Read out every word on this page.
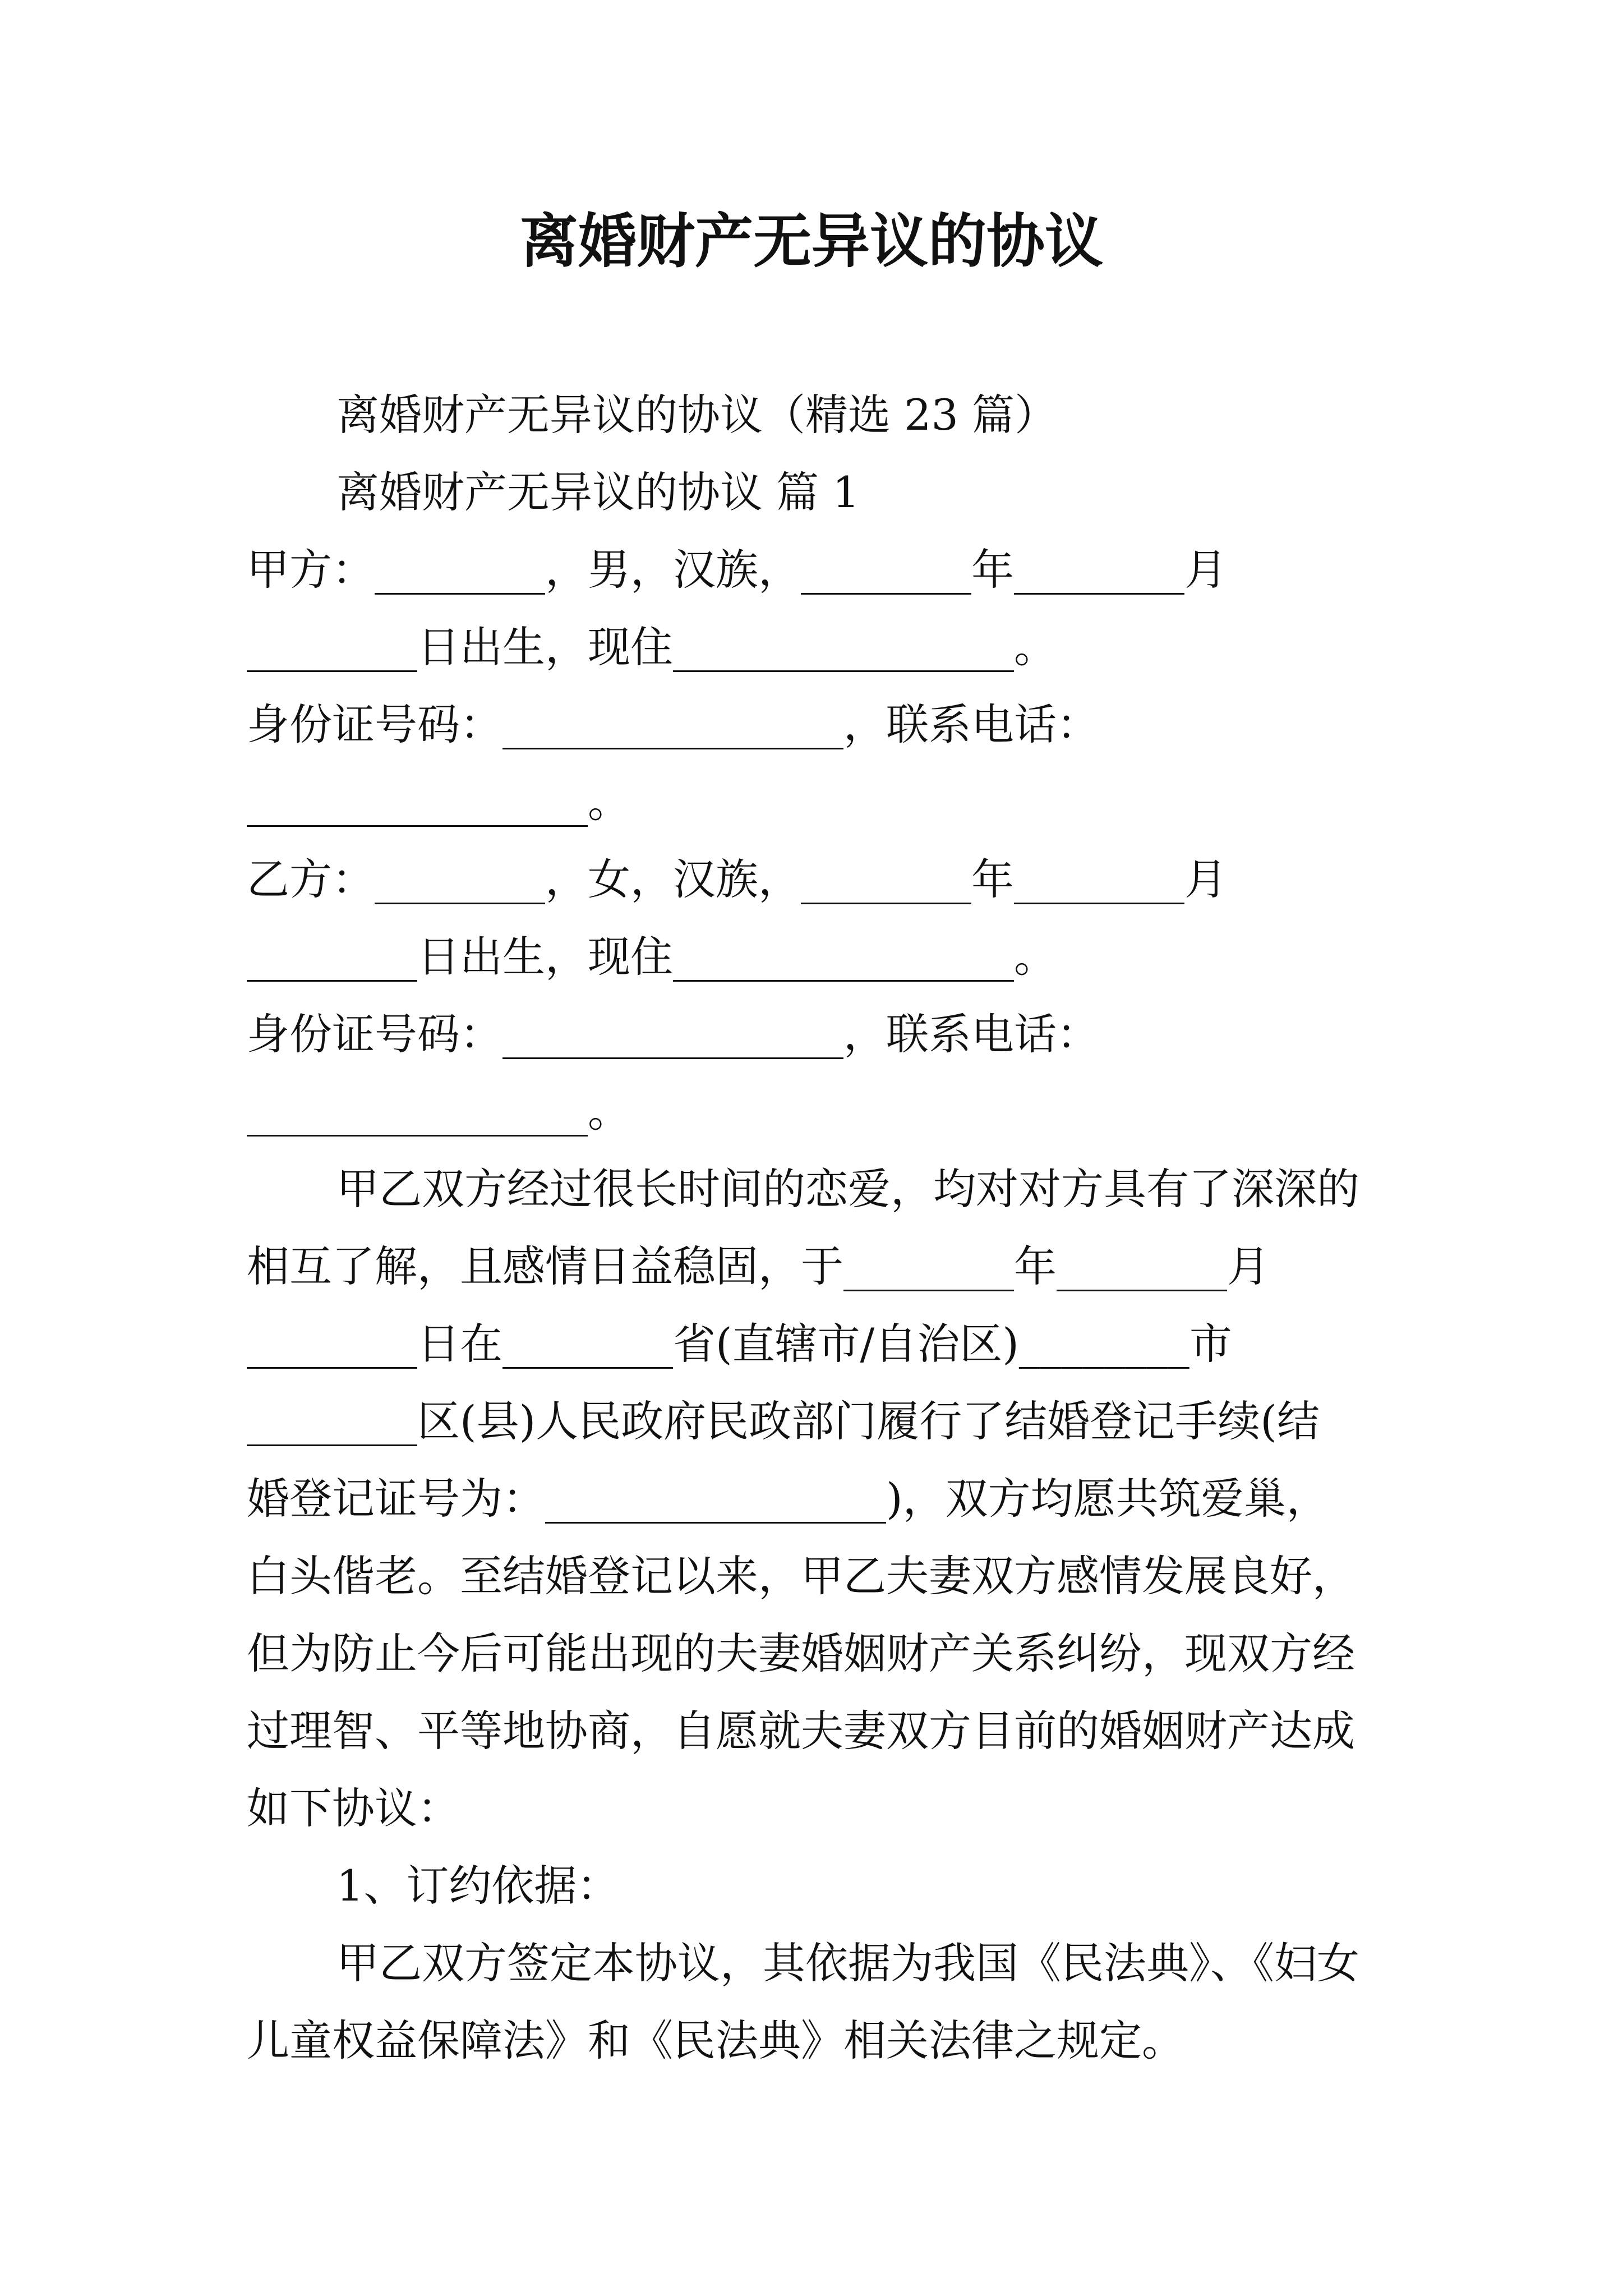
离婚财产无异议的协议
离婚财产无异议的协议（精选 23 篇）
离婚财产无异议的协议 篇 1
甲方：________，男，汉族，________年________月
________日出生，现住________________。
身份证号码：________________，联系电话：
________________。
乙方：________，女，汉族，________年________月
________日出生，现住________________。
身份证号码：________________，联系电话：
________________。
甲乙双方经过很长时间的恋爱，均对对方具有了深深的
相互了解，且感情日益稳固，于________年________月
________日在________省(直辖市/自治区)________市
________区(县)人民政府民政部门履行了结婚登记手续(结
婚登记证号为：________________)，双方均愿共筑爱巢，
白头偕老。至结婚登记以来，甲乙夫妻双方感情发展良好，
但为防止今后可能出现的夫妻婚姻财产关系纠纷，现双方经
过理智、平等地协商，自愿就夫妻双方目前的婚姻财产达成
如下协议：
1、订约依据：
甲乙双方签定本协议，其依据为我国《民法典》、《妇女
儿童权益保障法》和《民法典》相关法律之规定。
